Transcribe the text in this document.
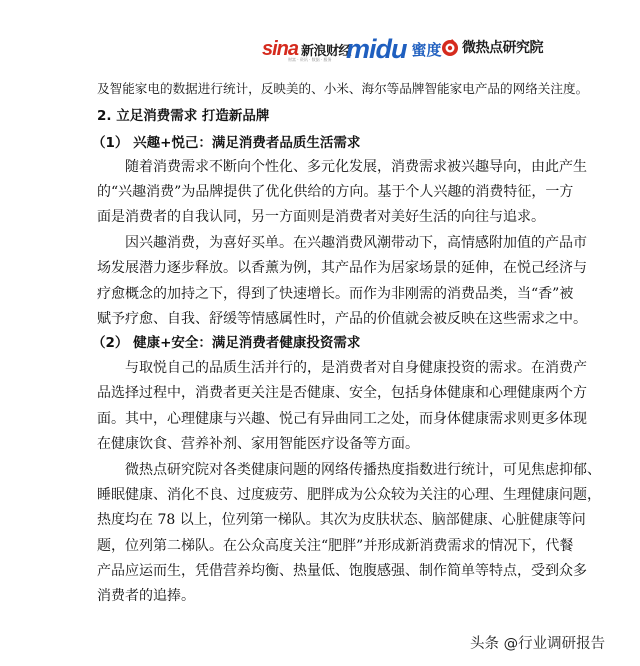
sina 新浪财经
财富 · 资讯 · 数据 · 服务 midu 蜜度 微热点研究院
及智能家电的数据进行统计，反映美的、小米、海尔等品牌智能家电产品的网络关注度。
2. 立足消费需求 打造新品牌
（1） 兴趣+悦己：满足消费者品质生活需求
随着消费需求不断向个性化、多元化发展，消费需求被兴趣导向，由此产生
的“兴趣消费”为品牌提供了优化供给的方向。基于个人兴趣的消费特征，一方
面是消费者的自我认同，另一方面则是消费者对美好生活的向往与追求。
因兴趣消费，为喜好买单。在兴趣消费风潮带动下，高情感附加值的产品市
场发展潜力逐步释放。以香薰为例，其产品作为居家场景的延伸，在悦己经济与
疗愈概念的加持之下，得到了快速增长。而作为非刚需的消费品类，当“香”被
赋予疗愈、自我、舒缓等情感属性时，产品的价值就会被反映在这些需求之中。
（2） 健康+安全：满足消费者健康投资需求
与取悦自己的品质生活并行的，是消费者对自身健康投资的需求。在消费产
品选择过程中，消费者更关注是否健康、安全，包括身体健康和心理健康两个方
面。其中，心理健康与兴趣、悦己有异曲同工之处，而身体健康需求则更多体现
在健康饮食、营养补剂、家用智能医疗设备等方面。
微热点研究院对各类健康问题的网络传播热度指数进行统计，可见焦虑抑郁、
睡眠健康、消化不良、过度疲劳、肥胖成为公众较为关注的心理、生理健康问题，
热度均在 78 以上，位列第一梯队。其次为皮肤状态、脑部健康、心脏健康等问
题，位列第二梯队。在公众高度关注“肥胖”并形成新消费需求的情况下，代餐
产品应运而生，凭借营养均衡、热量低、饱腹感强、制作简单等特点，受到众多
消费者的追捧。
头条 @行业调研报告
